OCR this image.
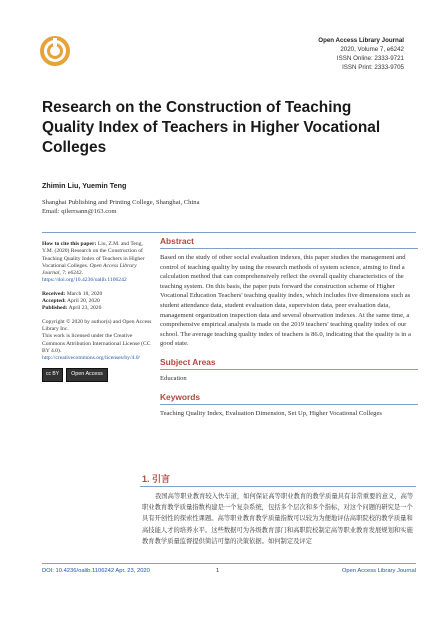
Open Access Library Journal
2020, Volume 7, e6242
ISSN Online: 2333-9721
ISSN Print: 2333-9705
Research on the Construction of Teaching Quality Index of Teachers in Higher Vocational Colleges
Zhimin Liu, Yuemin Teng
Shanghai Publishing and Printing College, Shanghai, China
Email: qilerrsann@163.com

How to cite this paper: Liu, Z.M. and Teng, Y.M. (2020) Research on the Construction of Teaching Quality Index of Teachers in Higher Vocational Colleges. Open Access Library Journal, 7: e6242.
https://doi.org/10.4236/oalib.1106242

Received: March 18, 2020
Accepted: April 20, 2020
Published: April 23, 2020

Copyright © 2020 by author(s) and Open Access Library Inc.
This work is licensed under the Creative Commons Attribution International License (CC BY 4.0).
http://creativecommons.org/licenses/by/4.0/

cc BY	Open Access
Abstract

Based on the study of other social evaluation indexes, this paper studies the management and control of teaching quality by using the research methods of system science, aiming to find a calculation method that can comprehensively reflect the overall quality characteristics of the teaching system. On this basis, the paper puts forward the construction scheme of Higher Vocational Education Teachers' teaching quality index, which includes five dimensions such as student attendance data, student evaluation data, supervision data, peer evaluation data, management organization inspection data and several observation indexes. At the same time, a comprehensive empirical analysis is made on the 2019 teachers' teaching quality index of our school. The average teaching quality index of teachers is 86.0, indicating that the quality is in a good state.

Subject Areas

Education

Keywords

Teaching Quality Index, Evaluation Dimension, Set Up, Higher Vocational Colleges

1. 引言
我国高等职业教育较入快车道，如何保证高等职业教育的教学质量具有非常重要的意义，高等职业教育教学质量指数构建是一个复杂系统，包括多个层次和多个指标，对这个问题的研究是一个具有开创性的探索性课题。高等职业教育教学质量指数可以较为为便地评估高职院校的教学质量和高技能人才的培养水平。这些数据可为各级教育部门和高职院校制定高等职业教育发展规划和实施教育教学质量监督提供简洁可靠的决策依据。如何制定及评定
DOI: 10.4236/oalib.1106242 Apr. 23, 2020	1	Open Access Library Journal
